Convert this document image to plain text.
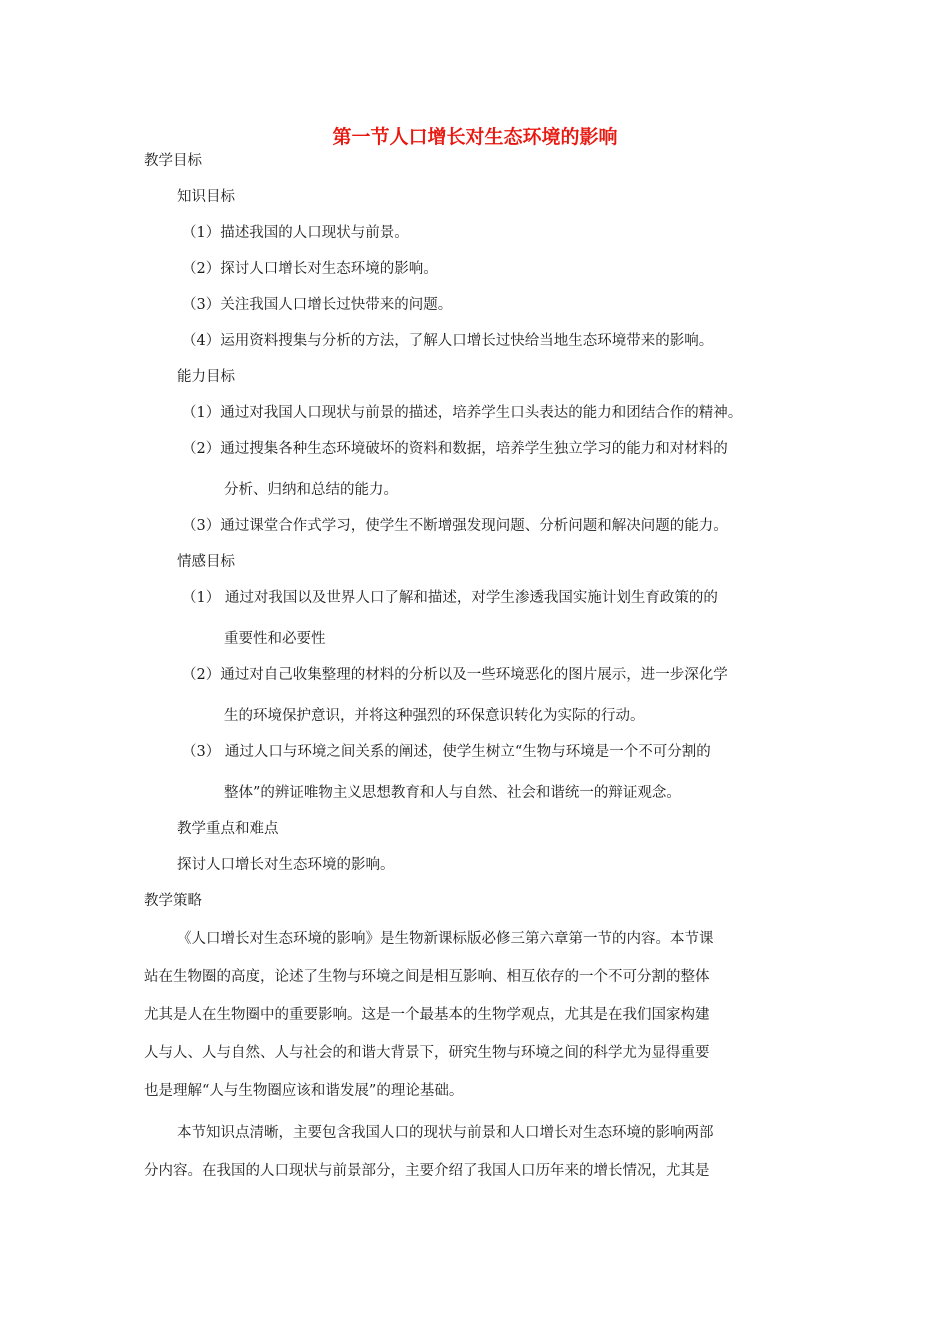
第一节人口增长对生态环境的影响
教学目标
知识目标
（1）描述我国的人口现状与前景。
（2）探讨人口增长对生态环境的影响。
（3）关注我国人口增长过快带来的问题。
（4）运用资料搜集与分析的方法，了解人口增长过快给当地生态环境带来的影响。
能力目标
（1）通过对我国人口现状与前景的描述，培养学生口头表达的能力和团结合作的精神。
（2）通过搜集各种生态环境破坏的资料和数据，培养学生独立学习的能力和对材料的
分析、归纳和总结的能力。
（3）通过课堂合作式学习，使学生不断增强发现问题、分析问题和解决问题的能力。
情感目标
（1） 通过对我国以及世界人口了解和描述，对学生渗透我国实施计划生育政策的的
重要性和必要性
（2）通过对自己收集整理的材料的分析以及一些环境恶化的图片展示，进一步深化学
生的环境保护意识，并将这种强烈的环保意识转化为实际的行动。
（3） 通过人口与环境之间关系的阐述，使学生树立“生物与环境是一个不可分割的
整体”的辨证唯物主义思想教育和人与自然、社会和谐统一的辩证观念。
教学重点和难点
探讨人口增长对生态环境的影响。
教学策略
《人口增长对生态环境的影响》是生物新课标版必修三第六章第一节的内容。本节课
站在生物圈的高度，论述了生物与环境之间是相互影响、相互依存的一个不可分割的整体
尤其是人在生物圈中的重要影响。这是一个最基本的生物学观点，尤其是在我们国家构建
人与人、人与自然、人与社会的和谐大背景下，研究生物与环境之间的科学尤为显得重要
也是理解“人与生物圈应该和谐发展”的理论基础。
本节知识点清晰，主要包含我国人口的现状与前景和人口增长对生态环境的影响两部
分内容。在我国的人口现状与前景部分，主要介绍了我国人口历年来的增长情况，尤其是
